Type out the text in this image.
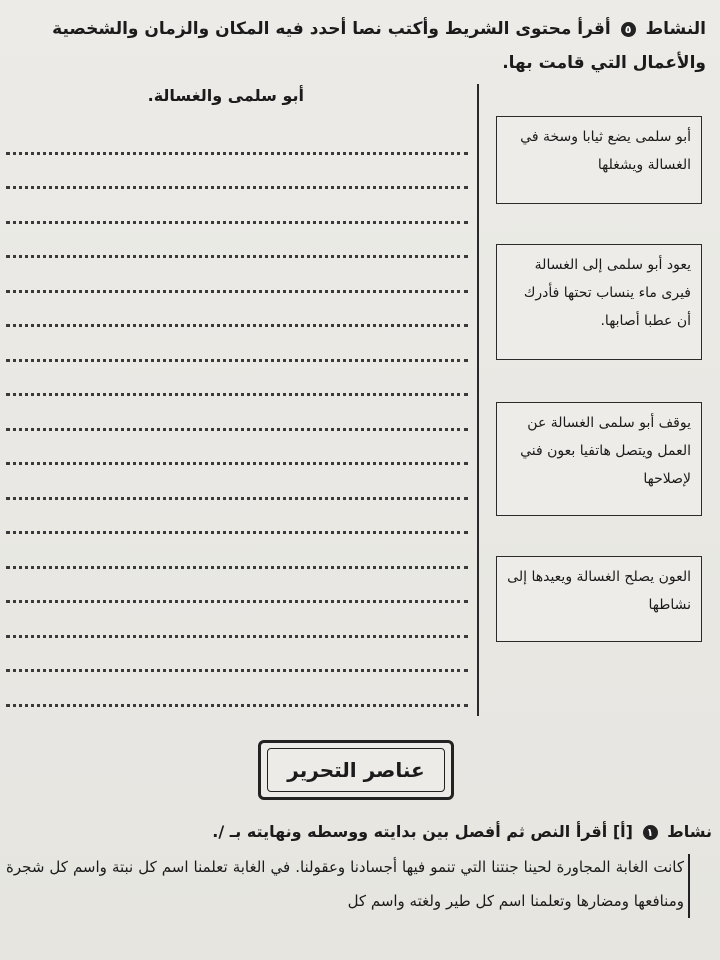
النشاط ٥ أقرأ محتوى الشريط وأكتب نصا أحدد فيه المكان والزمان والشخصية والأعمال التي قامت بها.
أبو سلمى والغسالة.
أبو سلمى يضع ثيابا وسخة في الغسالة ويشغلها
يعود أبو سلمى إلى الغسالة فيرى ماء ينساب تحتها فأدرك أن عطبا أصابها.
يوقف أبو سلمى الغسالة عن العمل ويتصل هاتفيا بعون فني لإصلاحها
العون يصلح الغسالة ويعيدها إلى نشاطها
عناصر التحرير
نشاط ١ [أ] أقرأ النص ثم أفصل بين بدايته ووسطه ونهايته بـ /.
كانت الغابة المجاورة لحينا جنتنا التي تنمو فيها أجسادنا وعقولنا. في الغابة تعلمنا اسم كل نبتة واسم كل شجرة ومنافعها ومضارها وتعلمنا اسم كل طير ولغته واسم كل
